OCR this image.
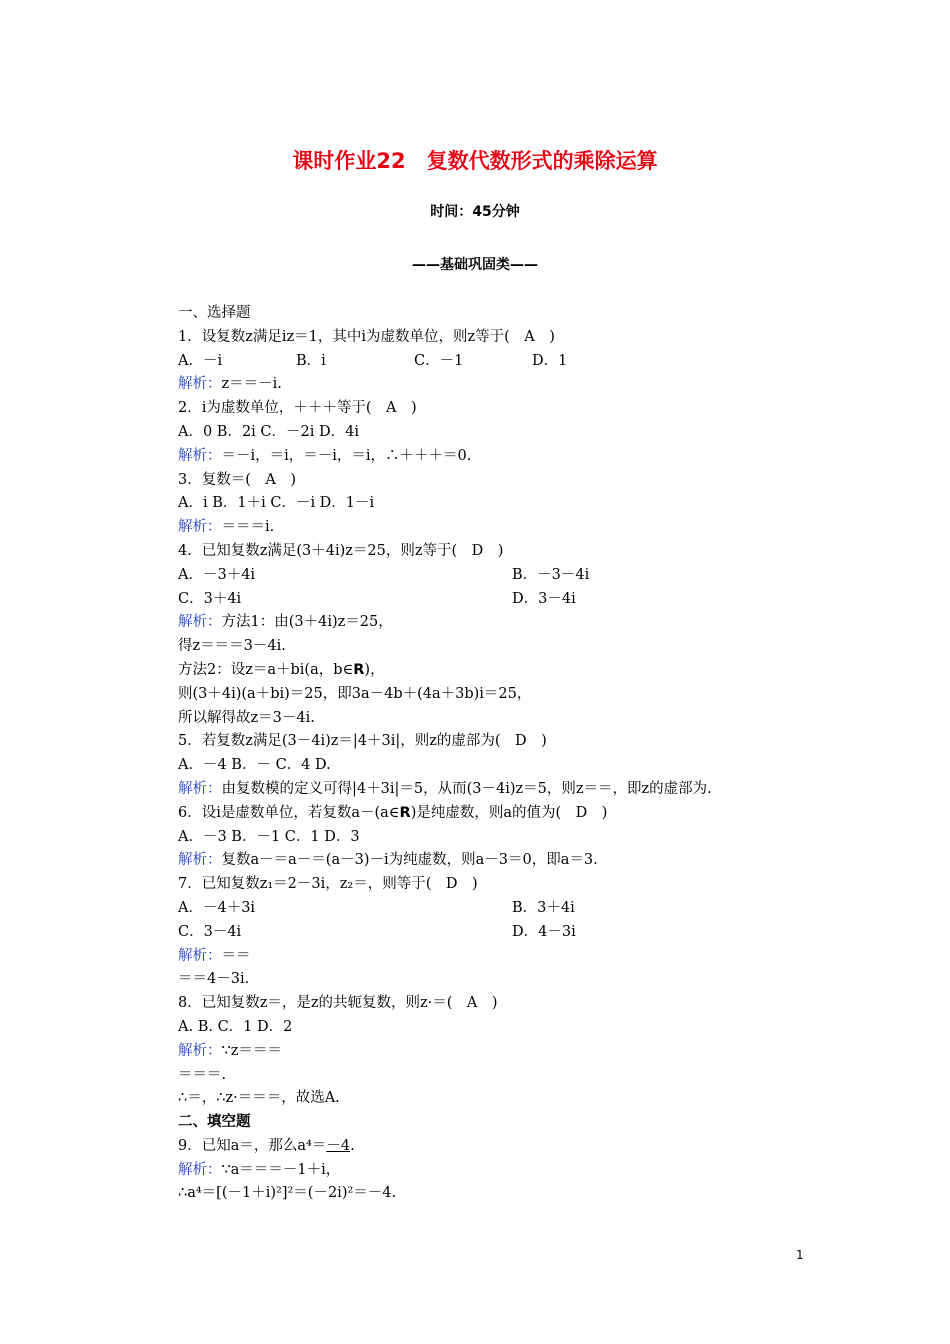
课时作业22　复数代数形式的乘除运算
时间：45分钟
——基础巩固类——
一、选择题
1．设复数z满足iz＝1，其中i为虚数单位，则z等于(　A　)
A．－i	B．i	C．－1	D．1
解析：z＝＝－i.
2．i为虚数单位，＋＋＋等于(　A　)
A．0 B．2i C．－2i D．4i
解析：＝－i，＝i，＝－i，＝i，∴＋＋＋＝0.
3．复数＝(　A　)
A．i B．1＋i C．－i D．1－i
解析：＝＝＝i.
4．已知复数z满足(3＋4i)z＝25，则z等于(　D　)
A．－3＋4i	B．－3－4i
C．3＋4i	D．3－4i
解析：方法1：由(3＋4i)z＝25，
得z＝＝＝3－4i.
方法2：设z＝a＋bi(a，b∈R)，
则(3＋4i)(a＋bi)＝25，即3a－4b＋(4a＋3b)i＝25，
所以解得故z＝3－4i.
5．若复数z满足(3－4i)z＝|4＋3i|，则z的虚部为(　D　)
A．－4 B．－ C．4 D.
解析：由复数模的定义可得|4＋3i|＝5，从而(3－4i)z＝5，则z＝＝，即z的虚部为.
6．设i是虚数单位，若复数a－(a∈R)是纯虚数，则a的值为(　D　)
A．－3 B．－1 C．1 D．3
解析：复数a－＝a－＝(a－3)－i为纯虚数，则a－3＝0，即a＝3.
7．已知复数z₁＝2－3i，z₂＝，则等于(　D　)
A．－4＋3i	B．3＋4i
C．3－4i	D．4－3i
解析：＝＝
＝＝4－3i.
8．已知复数z＝，是z的共轭复数，则z·＝(　A　)
A. B. C．1 D．2
解析：∵z＝＝＝
＝＝＝.
∴＝，∴z·＝＝＝，故选A.
二、填空题
9．已知a＝，那么a⁴＝－4.
解析：∵a＝＝＝－1＋i，
∴a⁴＝[(－1＋i)²]²＝(－2i)²＝－4.
1
